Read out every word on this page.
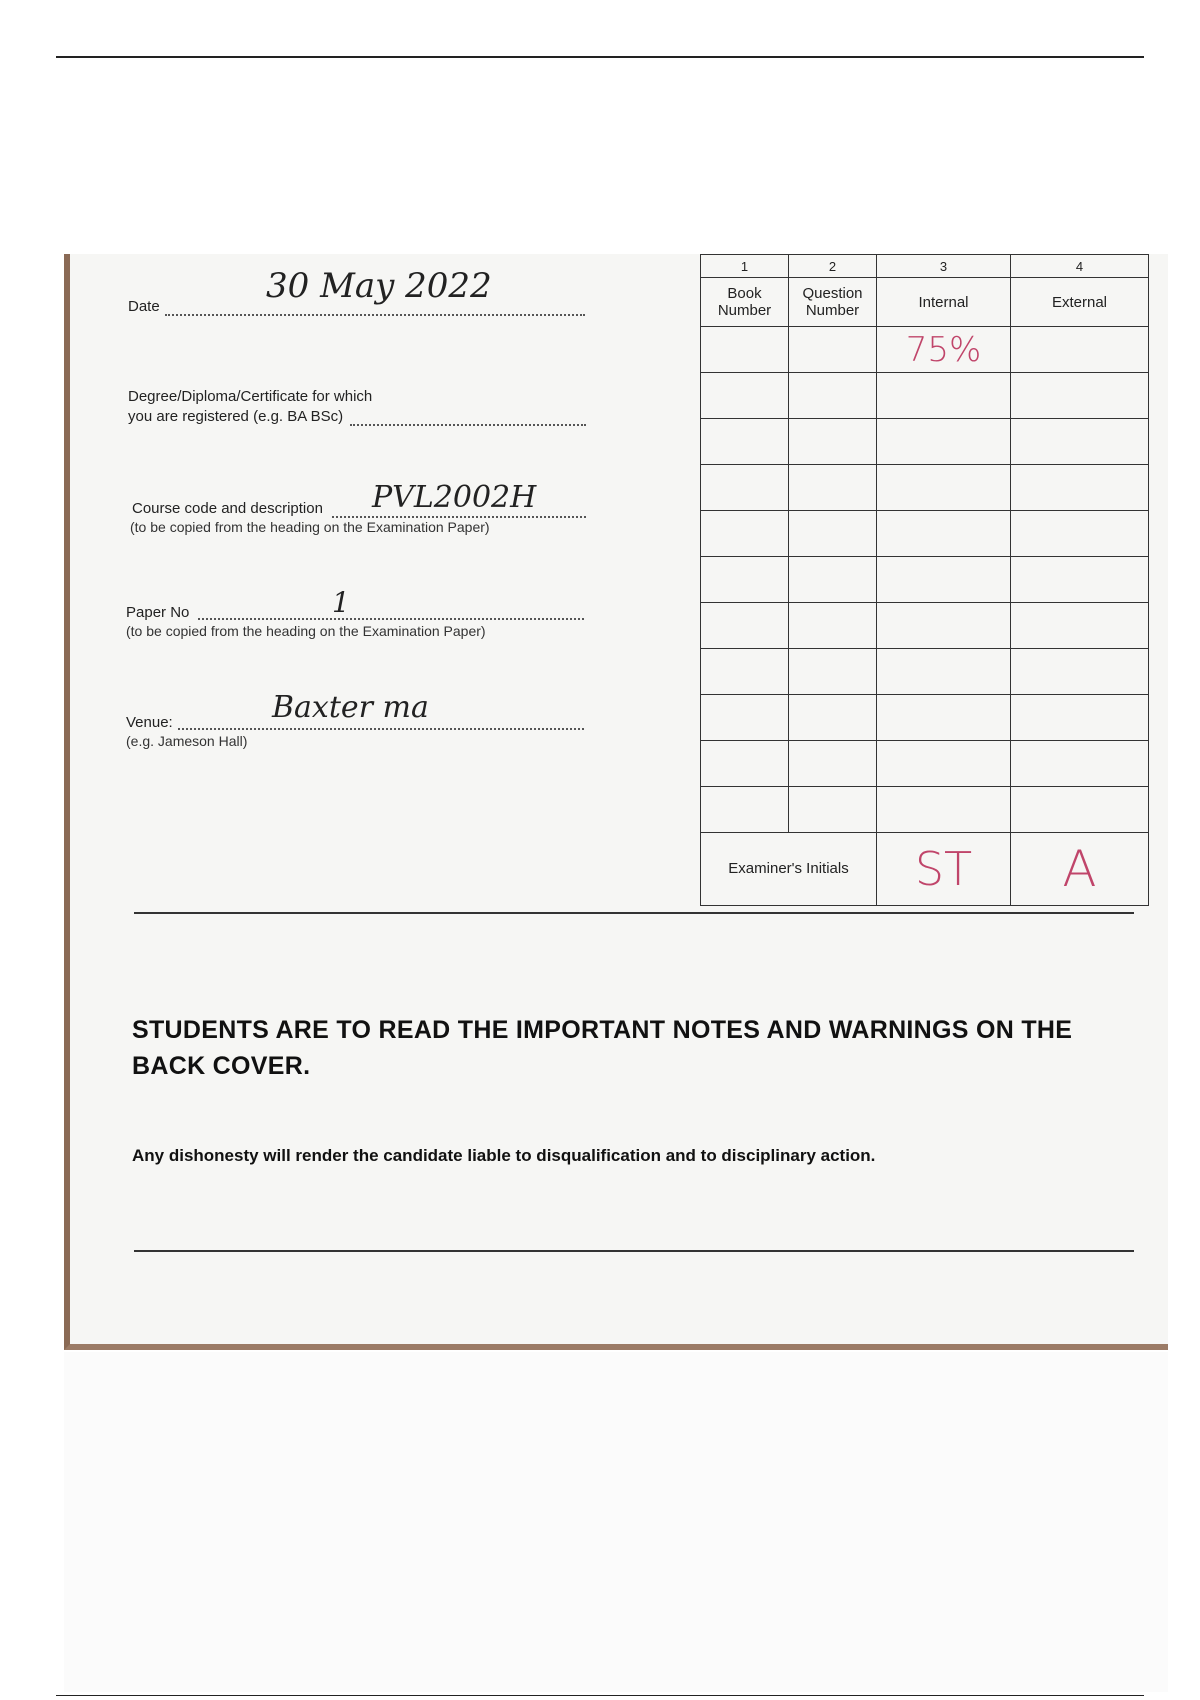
Date
30 May 2022
Degree/Diploma/Certificate for which
you are registered (e.g. BA BSc)
Course code and description PVL2002H
(to be copied from the heading on the Examination Paper)
Paper No	1
(to be copied from the heading on the Examination Paper)
Venue:	Baxter ma
(e.g. Jameson Hall)
1	2	3	4
Book Number	Question Number	Internal	External
		75%	

Examiner's Initials		ST	A
STUDENTS ARE TO READ THE IMPORTANT NOTES AND WARNINGS ON THE BACK COVER.
Any dishonesty will render the candidate liable to disqualification and to disciplinary action.
